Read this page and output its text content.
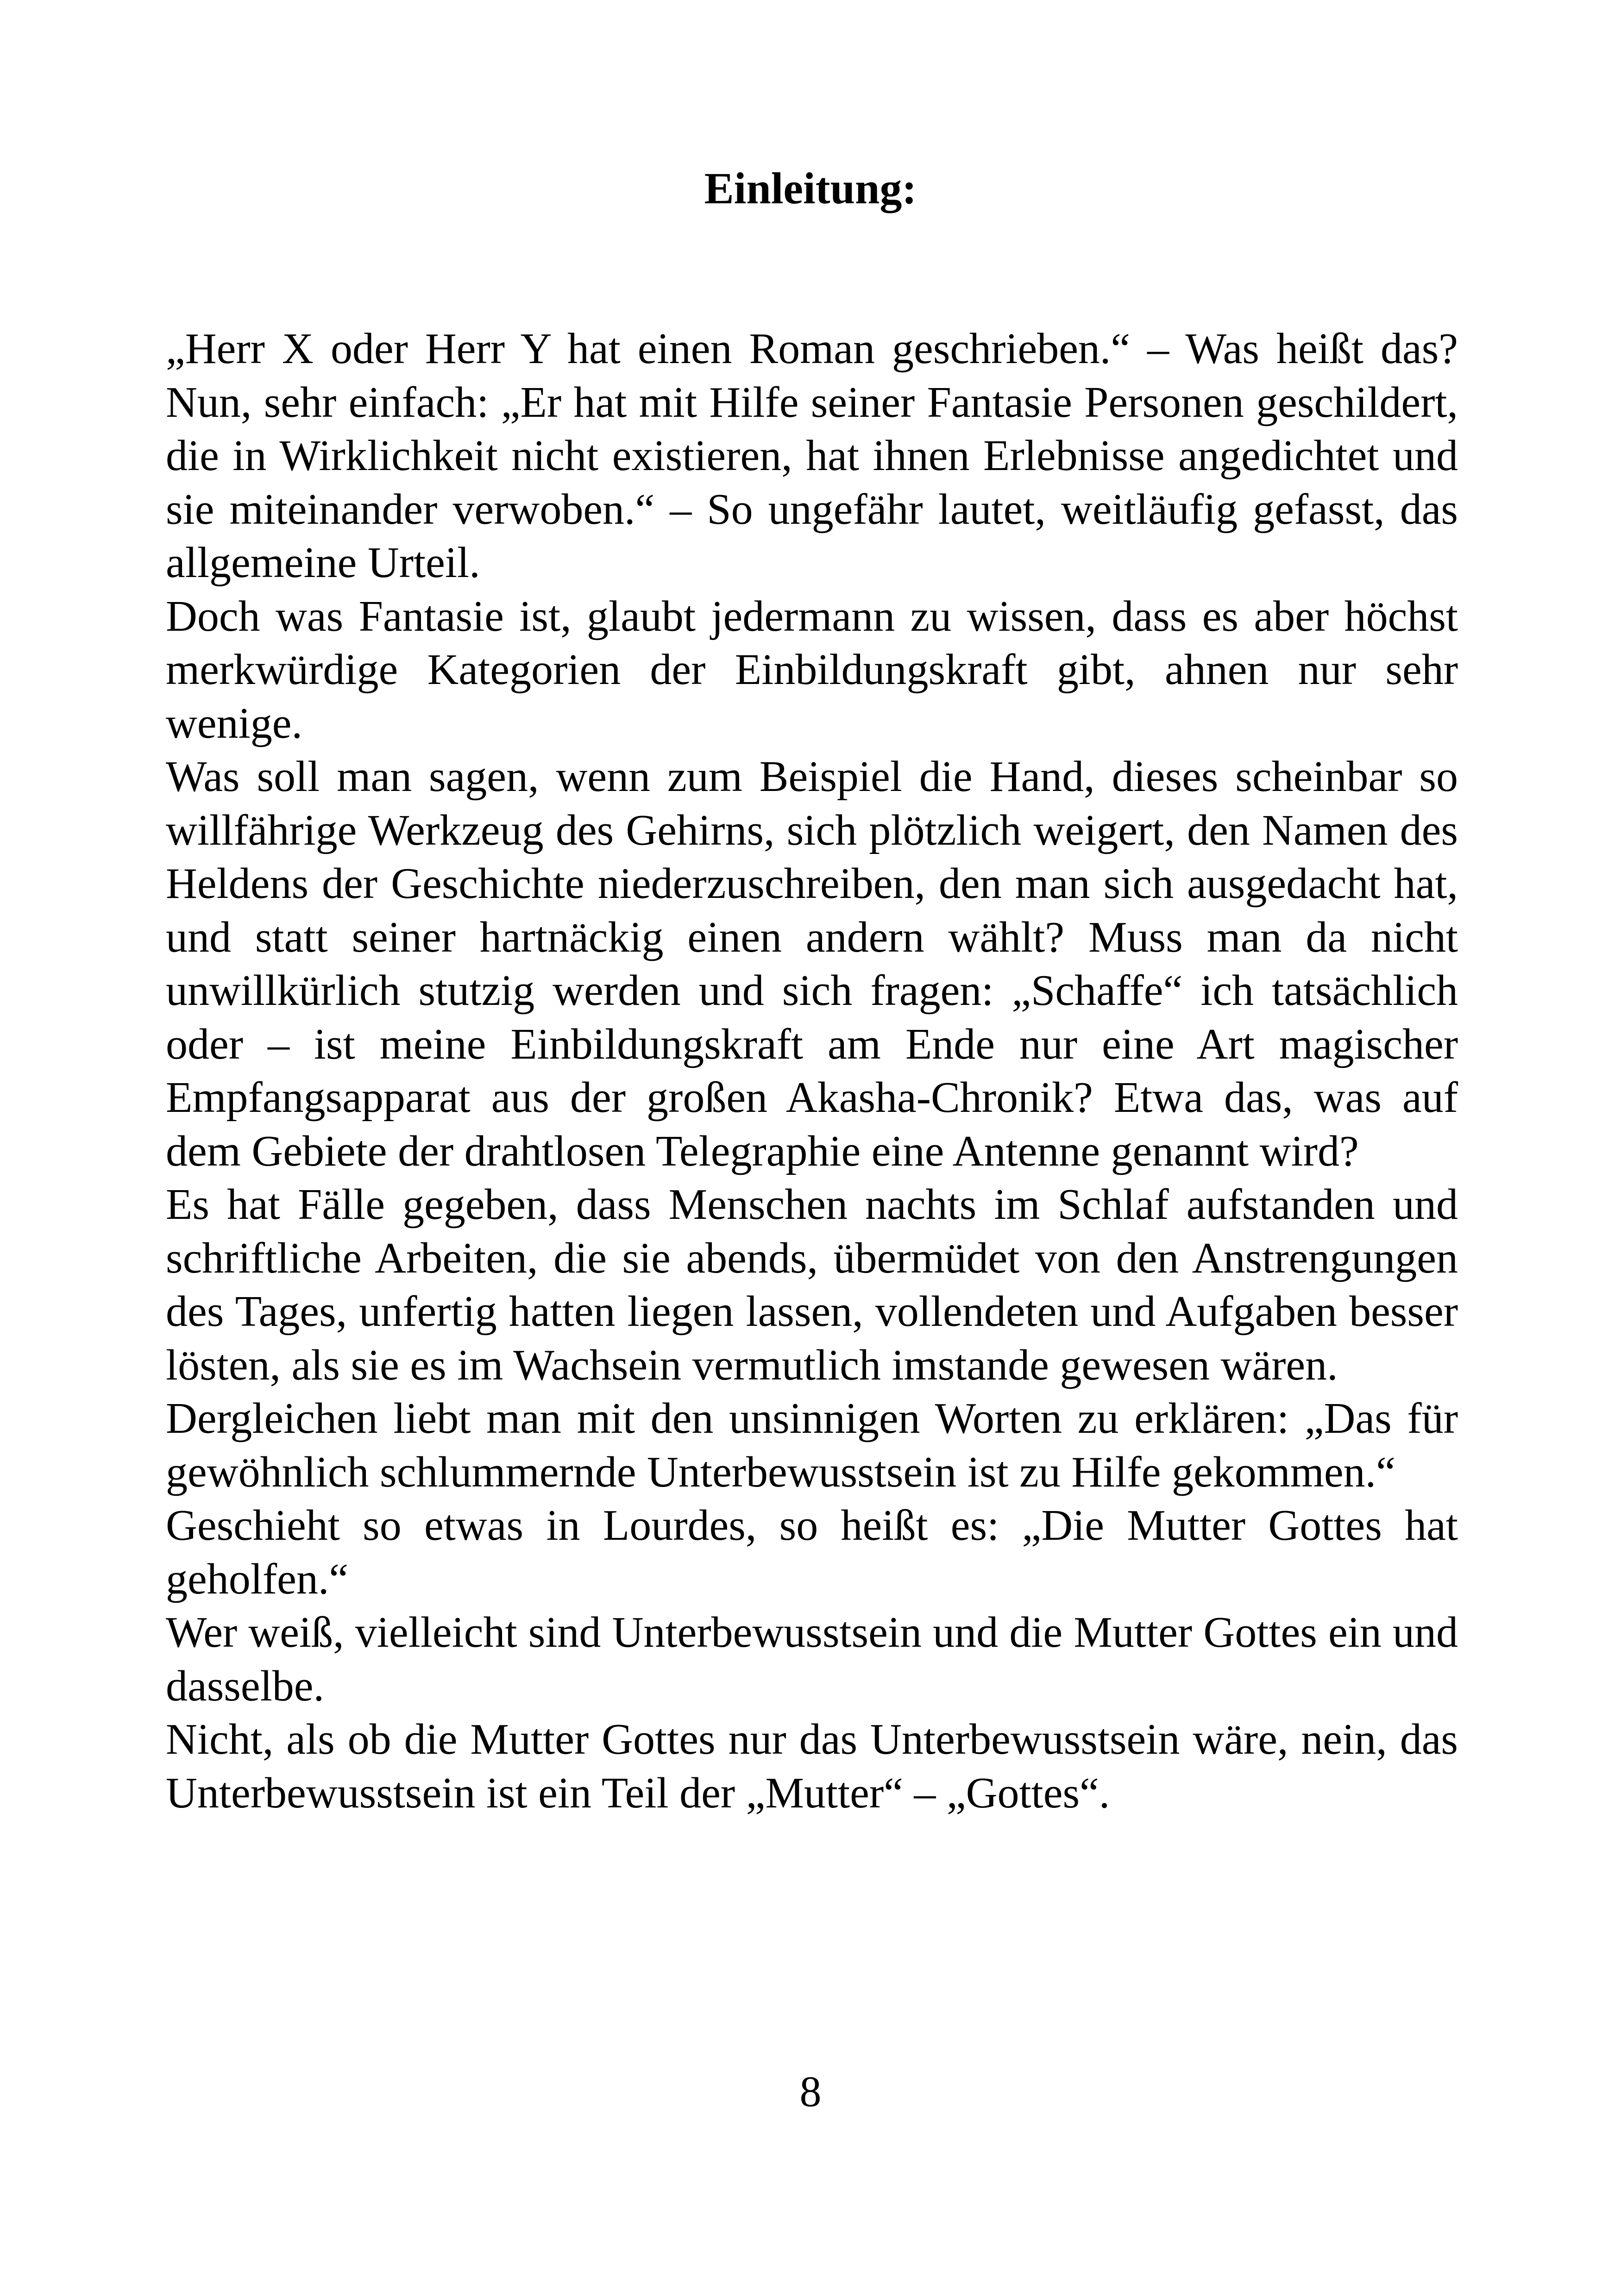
Einleitung:

„Herr X oder Herr Y hat einen Roman geschrieben.“ – Was heißt das? Nun, sehr einfach: „Er hat mit Hilfe seiner Fantasie Personen geschildert, die in Wirklichkeit nicht existieren, hat ihnen Erlebnisse angedichtet und sie miteinander verwoben.“ – So ungefähr lautet, weitläufig gefasst, das allgemeine Urteil.

Doch was Fantasie ist, glaubt jedermann zu wissen, dass es aber höchst merkwürdige Kategorien der Einbildungskraft gibt, ahnen nur sehr wenige.

Was soll man sagen, wenn zum Beispiel die Hand, dieses scheinbar so willfährige Werkzeug des Gehirns, sich plötzlich weigert, den Namen des Heldens der Geschichte niederzuschreiben, den man sich ausgedacht hat, und statt seiner hartnäckig einen andern wählt? Muss man da nicht unwillkürlich stutzig werden und sich fragen: „Schaffe“ ich tatsächlich oder – ist meine Einbildungskraft am Ende nur eine Art magischer Empfangsapparat aus der großen Akasha-Chronik? Etwa das, was auf dem Gebiete der drahtlosen Telegraphie eine Antenne genannt wird?

Es hat Fälle gegeben, dass Menschen nachts im Schlaf aufstanden und schriftliche Arbeiten, die sie abends, übermüdet von den Anstrengungen des Tages, unfertig hatten liegen lassen, vollendeten und Aufgaben besser lösten, als sie es im Wachsein vermutlich imstande gewesen wären.

Dergleichen liebt man mit den unsinnigen Worten zu erklären: „Das für gewöhnlich schlummernde Unterbewusstsein ist zu Hilfe gekommen.“

Geschieht so etwas in Lourdes, so heißt es: „Die Mutter Gottes hat geholfen.“

Wer weiß, vielleicht sind Unterbewusstsein und die Mutter Gottes ein und dasselbe.

Nicht, als ob die Mutter Gottes nur das Unterbewusstsein wäre, nein, das Unterbewusstsein ist ein Teil der „Mutter“ – „Gottes“.

8
